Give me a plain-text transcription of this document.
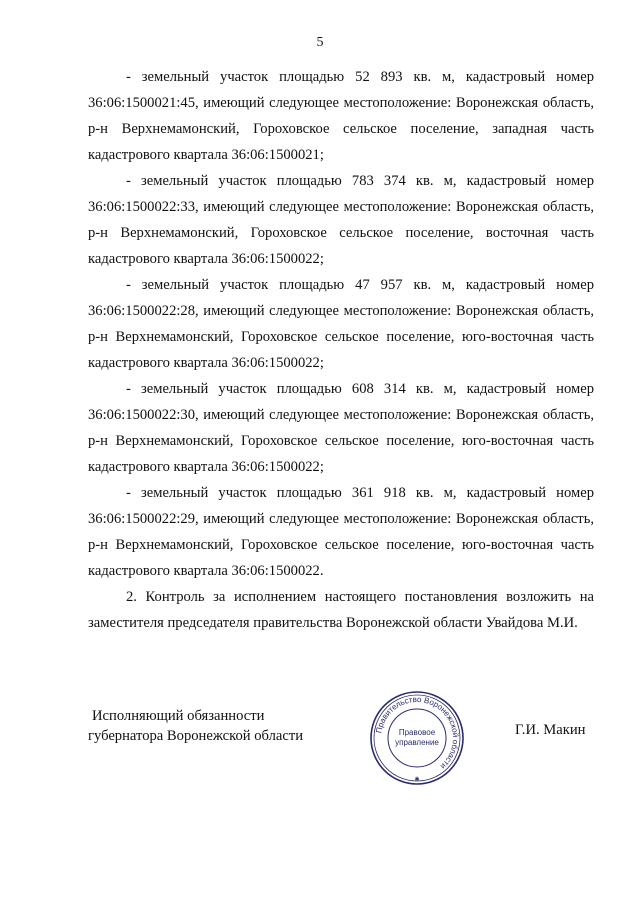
5

- земельный участок площадью 52 893 кв. м, кадастровый номер 36:06:1500021:45, имеющий следующее местоположение: Воронежская область, р-н Верхнемамонский, Гороховское сельское поселение, западная часть кадастрового квартала 36:06:1500021;

- земельный участок площадью 783 374 кв. м, кадастровый номер 36:06:1500022:33, имеющий следующее местоположение: Воронежская область, р-н Верхнемамонский, Гороховское сельское поселение, восточная часть кадастрового квартала 36:06:1500022;

- земельный участок площадью 47 957 кв. м, кадастровый номер 36:06:1500022:28, имеющий следующее местоположение: Воронежская область, р-н Верхнемамонский, Гороховское сельское поселение, юго-восточная часть кадастрового квартала 36:06:1500022;

- земельный участок площадью 608 314 кв. м, кадастровый номер 36:06:1500022:30, имеющий следующее местоположение: Воронежская область, р-н Верхнемамонский, Гороховское сельское поселение, юго-восточная часть кадастрового квартала 36:06:1500022;

- земельный участок площадью 361 918 кв. м, кадастровый номер 36:06:1500022:29, имеющий следующее местоположение: Воронежская область, р-н Верхнемамонский, Гороховское сельское поселение, юго-восточная часть кадастрового квартала 36:06:1500022.

2. Контроль за исполнением настоящего постановления возложить на заместителя председателя правительства Воронежской области Увайдова М.И.

Исполняющий обязанности
губернатора Воронежской области	Г.И. Макин
Правительство Воронежской области
Правовое
управление
✱
